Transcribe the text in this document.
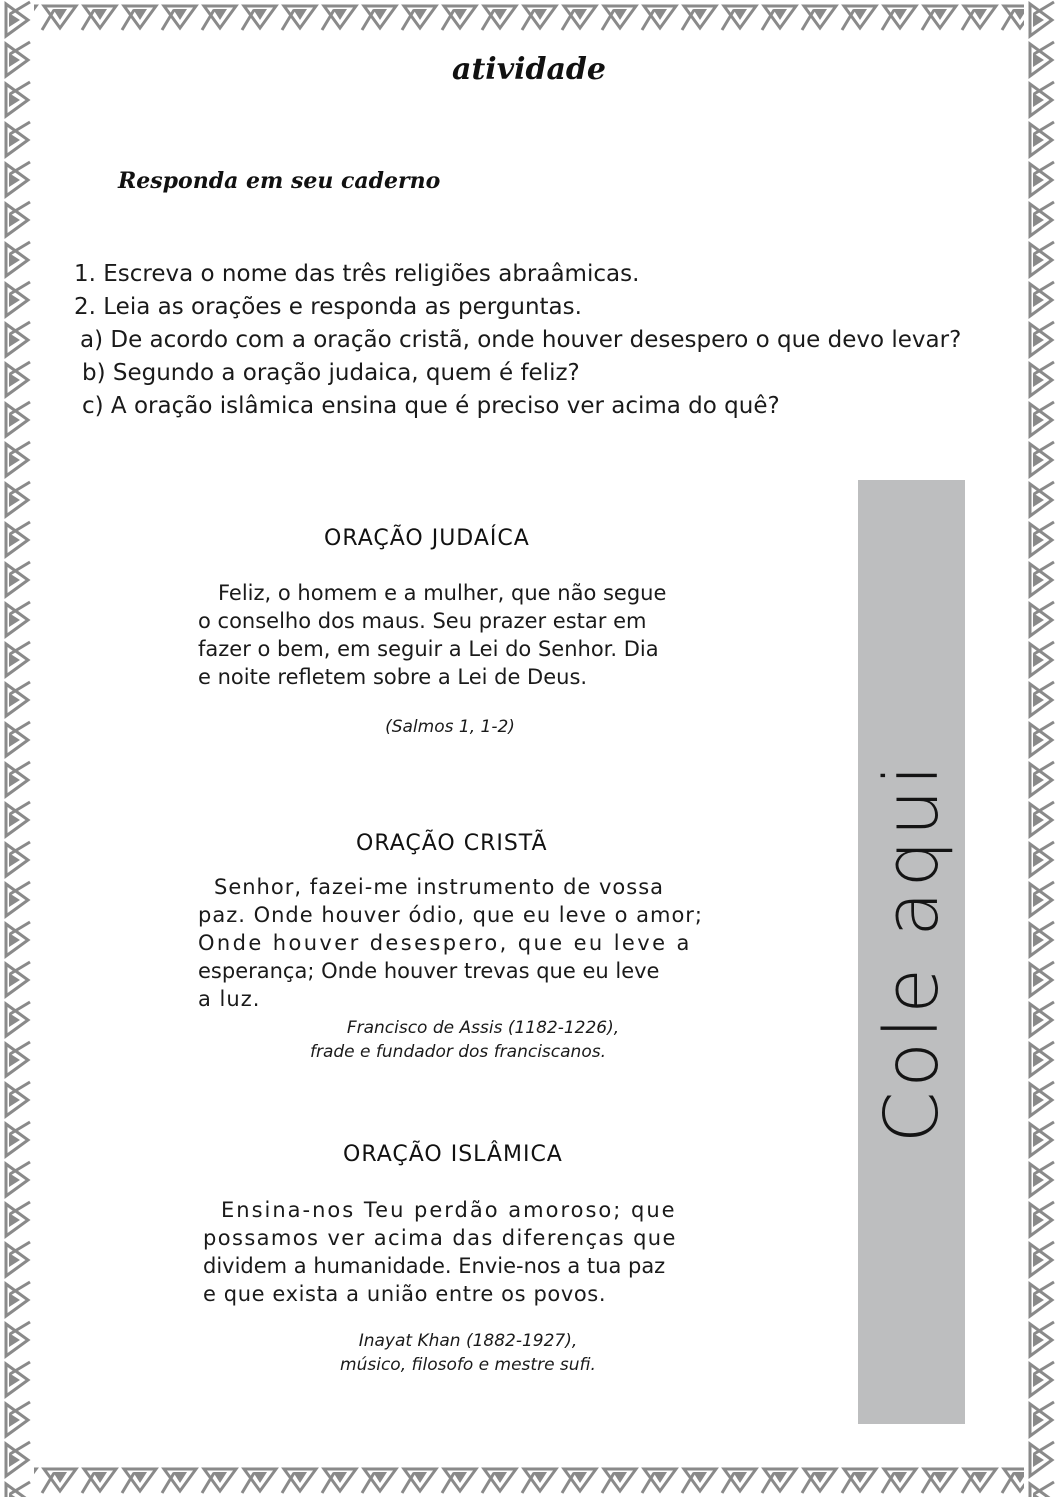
atividade
Responda em seu caderno
1. Escreva o nome das três religiões abraâmicas.
2. Leia as orações e responda as perguntas.
a) De acordo com a oração cristã, onde houver desespero o que devo levar?
b) Segundo a oração judaica, quem é feliz?
c) A oração islâmica ensina que é preciso ver acima do quê?
ORAÇÃO JUDAÍCA
Feliz, o homem e a mulher, que não segue
o conselho dos maus. Seu prazer estar em
fazer o bem, em seguir a Lei do Senhor. Dia
e noite refletem sobre a Lei de Deus.
(Salmos 1, 1-2)
ORAÇÃO CRISTÃ
Senhor, fazei-me instrumento de vossa
paz. Onde houver ódio, que eu leve o amor;
Onde houver desespero, que eu leve a
esperança; Onde houver trevas que eu leve
a luz.
Francisco de Assis (1182-1226),
frade e fundador dos franciscanos.
ORAÇÃO ISLÂMICA
Ensina-nos Teu perdão amoroso; que
possamos ver acima das diferenças que
dividem a humanidade. Envie-nos a tua paz
e que exista a união entre os povos.
Inayat Khan (1882-1927),
músico, filosofo e mestre sufi.
Cole aqui
